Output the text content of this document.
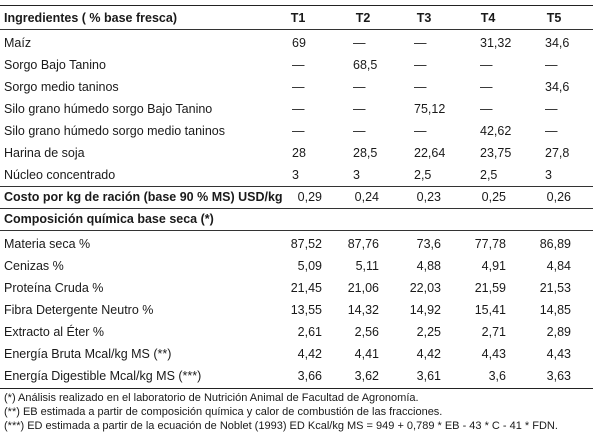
Ingredientes ( % base fresca)	T1	T2	T3	T4	T5
Maíz	69	—	—	31,32	34,6
Sorgo Bajo Tanino	—	68,5	—	—	—
Sorgo medio taninos	—	—	—	—	34,6
Silo grano húmedo sorgo Bajo Tanino	—	—	75,12	—	—
Silo grano húmedo sorgo medio taninos	—	—	—	42,62	—
Harina de soja	28	28,5	22,64	23,75	27,8
Núcleo concentrado	3	3	2,5	2,5	3
Costo por kg de ración (base 90 % MS) USD/kg	0,29	0,24	0,23	0,25	0,26
Composición química base seca (*)
Materia seca %	87,52	87,76	73,6	77,78	86,89
Cenizas %	5,09	5,11	4,88	4,91	4,84
Proteína Cruda %	21,45	21,06	22,03	21,59	21,53
Fibra Detergente Neutro %	13,55	14,32	14,92	15,41	14,85
Extracto al Éter %	2,61	2,56	2,25	2,71	2,89
Energía Bruta Mcal/kg MS (**)	4,42	4,41	4,42	4,43	4,43
Energía Digestible Mcal/kg MS (***)	3,66	3,62	3,61	3,6	3,63
(*) Análisis realizado en el laboratorio de Nutrición Animal de Facultad de Agronomía.
(**) EB estimada a partir de composición química y calor de combustión de las fracciones.
(***) ED estimada a partir de la ecuación de Noblet (1993) ED Kcal/kg MS = 949 + 0,789 * EB - 43 * C - 41 * FDN.
